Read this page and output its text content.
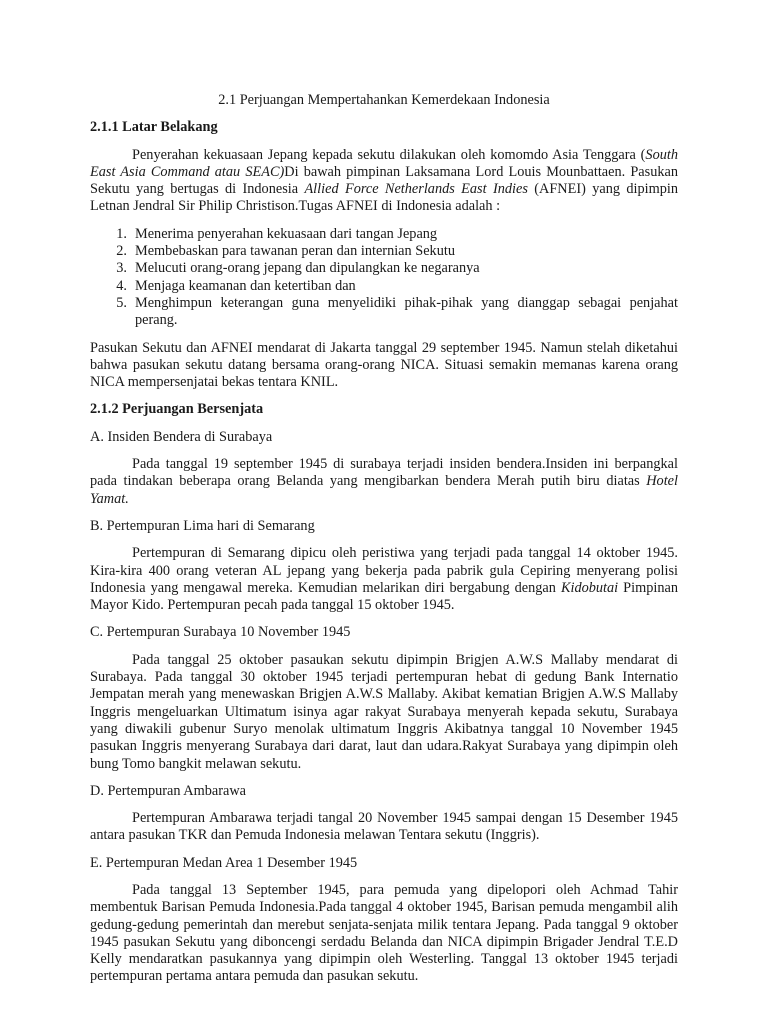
2.1 Perjuangan Mempertahankan Kemerdekaan Indonesia

2.1.1 Latar Belakang

Penyerahan kekuasaan Jepang kepada sekutu dilakukan oleh komomdo Asia Tenggara (South East Asia Command atau SEAC)Di bawah pimpinan Laksamana Lord Louis Mounbattaen. Pasukan Sekutu yang bertugas di Indonesia Allied Force Netherlands East Indies (AFNEI) yang dipimpin Letnan Jendral Sir Philip Christison.Tugas AFNEI di Indonesia adalah :

1. Menerima penyerahan kekuasaan dari tangan Jepang
2. Membebaskan para tawanan peran dan internian Sekutu
3. Melucuti orang-orang jepang dan dipulangkan ke negaranya
4. Menjaga keamanan dan ketertiban dan
5. Menghimpun keterangan guna menyelidiki pihak-pihak yang dianggap sebagai penjahat perang.

Pasukan Sekutu dan AFNEI mendarat di Jakarta tanggal 29 september 1945. Namun stelah diketahui bahwa pasukan sekutu datang bersama orang-orang NICA. Situasi semakin memanas karena orang NICA mempersenjatai bekas tentara KNIL.

2.1.2 Perjuangan Bersenjata

A. Insiden Bendera di Surabaya

Pada tanggal 19 september 1945 di surabaya terjadi insiden bendera.Insiden ini berpangkal pada tindakan beberapa orang Belanda yang mengibarkan bendera Merah putih biru diatas Hotel Yamat.

B. Pertempuran Lima hari di Semarang

Pertempuran di Semarang dipicu oleh peristiwa yang terjadi pada tanggal 14 oktober 1945. Kira-kira 400 orang veteran AL jepang yang bekerja pada pabrik gula Cepiring menyerang polisi Indonesia yang mengawal mereka. Kemudian melarikan diri bergabung dengan Kidobutai Pimpinan Mayor Kido. Pertempuran pecah pada tanggal 15 oktober 1945.

C. Pertempuran Surabaya 10 November 1945

Pada tanggal 25 oktober pasaukan sekutu dipimpin Brigjen A.W.S Mallaby mendarat di Surabaya. Pada tanggal 30 oktober 1945 terjadi pertempuran hebat di gedung Bank Internatio Jempatan merah yang menewaskan Brigjen A.W.S Mallaby. Akibat kematian Brigjen A.W.S Mallaby Inggris mengeluarkan Ultimatum isinya agar rakyat Surabaya menyerah kepada sekutu, Surabaya yang diwakili gubenur Suryo menolak ultimatum Inggris Akibatnya tanggal 10 November 1945 pasukan Inggris menyerang Surabaya dari darat, laut dan udara.Rakyat Surabaya yang dipimpin oleh bung Tomo bangkit melawan sekutu.

D. Pertempuran Ambarawa

Pertempuran Ambarawa terjadi tangal 20 November 1945 sampai dengan 15 Desember 1945 antara pasukan TKR dan Pemuda Indonesia melawan Tentara sekutu (Inggris).

E. Pertempuran Medan Area 1 Desember 1945

Pada tanggal 13 September 1945, para pemuda yang dipelopori oleh Achmad Tahir membentuk Barisan Pemuda Indonesia.Pada tanggal 4 oktober 1945, Barisan pemuda mengambil alih gedung-gedung pemerintah dan merebut senjata-senjata milik tentara Jepang. Pada tanggal 9 oktober 1945 pasukan Sekutu yang diboncengi serdadu Belanda dan NICA dipimpin Brigader Jendral T.E.D Kelly mendaratkan pasukannya yang dipimpin oleh Westerling. Tanggal 13 oktober 1945 terjadi pertempuran pertama antara pemuda dan pasukan sekutu.
